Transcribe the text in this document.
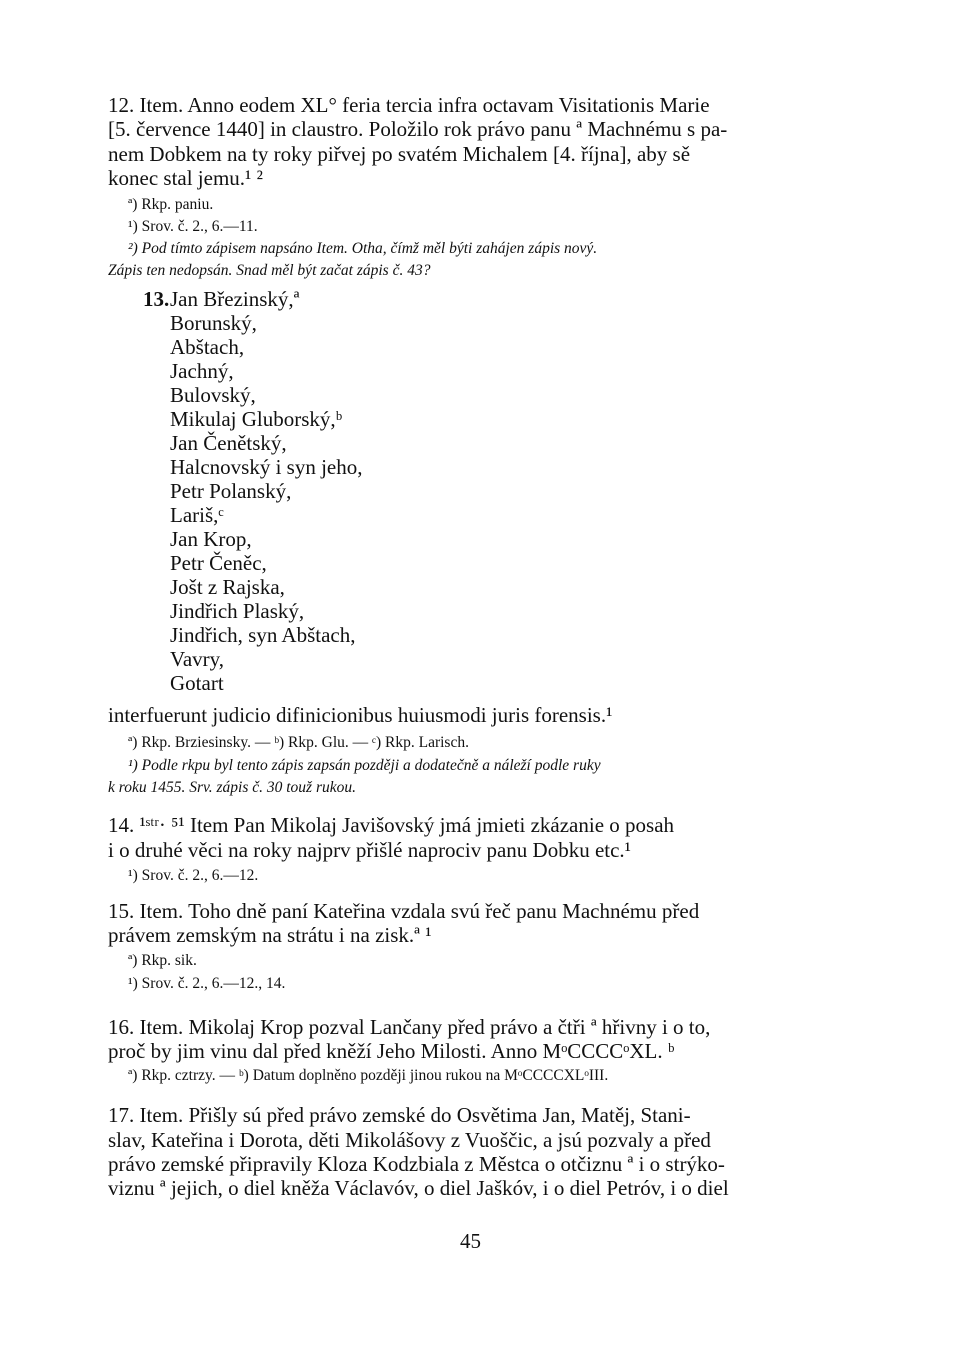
12. Item. Anno eodem XL° feria tercia infra octavam Visitationis Marie
[5. července 1440] in claustro. Položilo rok právo panu ª Machnému s pa-
nem Dobkem na ty roky piřvej po svatém Michalem [4. října], aby sě
konec stal jemu.¹ ²
ª) Rkp. paniu.
¹) Srov. č. 2., 6.—11.
²) Pod tímto zápisem napsáno Item. Otha, čímž měl býti zahájen zápis nový.
Zápis ten nedopsán. Snad měl být začat zápis č. 43?
13. Jan Březinský,ª
Borunský,
Abštach,
Jachný,
Bulovský,
Mikulaj Gluborský,ᵇ
Jan Čenětský,
Halcnovský i syn jeho,
Petr Polanský,
Lariš,ᶜ
Jan Krop,
Petr Čeněc,
Jošt z Rajska,
Jindřich Plaský,
Jindřich, syn Abštach,
Vavry,
Gotart
interfuerunt judicio difinicionibus huiusmodi juris forensis.¹
ª) Rkp. Brziesinsky. — ᵇ) Rkp. Glu. — ᶜ) Rkp. Larisch.
¹) Podle rkpu byl tento zápis zapsán později a dodatečně a náleží podle ruky
k roku 1455. Srv. zápis č. 30 touž rukou.
14. ¹ˢᵗʳ· ⁵¹ Item Pan Mikolaj Javišovský jmá jmieti zkázanie o posah
i o druhé věci na roky najprv přišlé naprociv panu Dobku etc.¹
¹) Srov. č. 2., 6.—12.
15. Item. Toho dně paní Kateřina vzdala svú řeč panu Machnému před
právem zemským na strátu i na zisk.ª ¹
ª) Rkp. sik.
¹) Srov. č. 2., 6.—12., 14.
16. Item. Mikolaj Krop pozval Lančany před právo a čtři ª hřivny i o to,
proč by jim vinu dal před kněží Jeho Milosti. Anno MᵒCCCCᵒXL. ᵇ
ª) Rkp. cztrzy. — ᵇ) Datum doplněno později jinou rukou na MᵒCCCCXLᵒIII.
17. Item. Přišly sú před právo zemské do Osvětima Jan, Matěj, Stani-
slav, Kateřina i Dorota, děti Mikolášovy z Vuoščic, a jsú pozvaly a před
právo zemské připravily Kloza Kodzbiala z Městca o otčiznu ª i o strýko-
viznu ª jejich, o diel kněža Václavóv, o diel Jaškóv, i o diel Petróv, i o diel
45
